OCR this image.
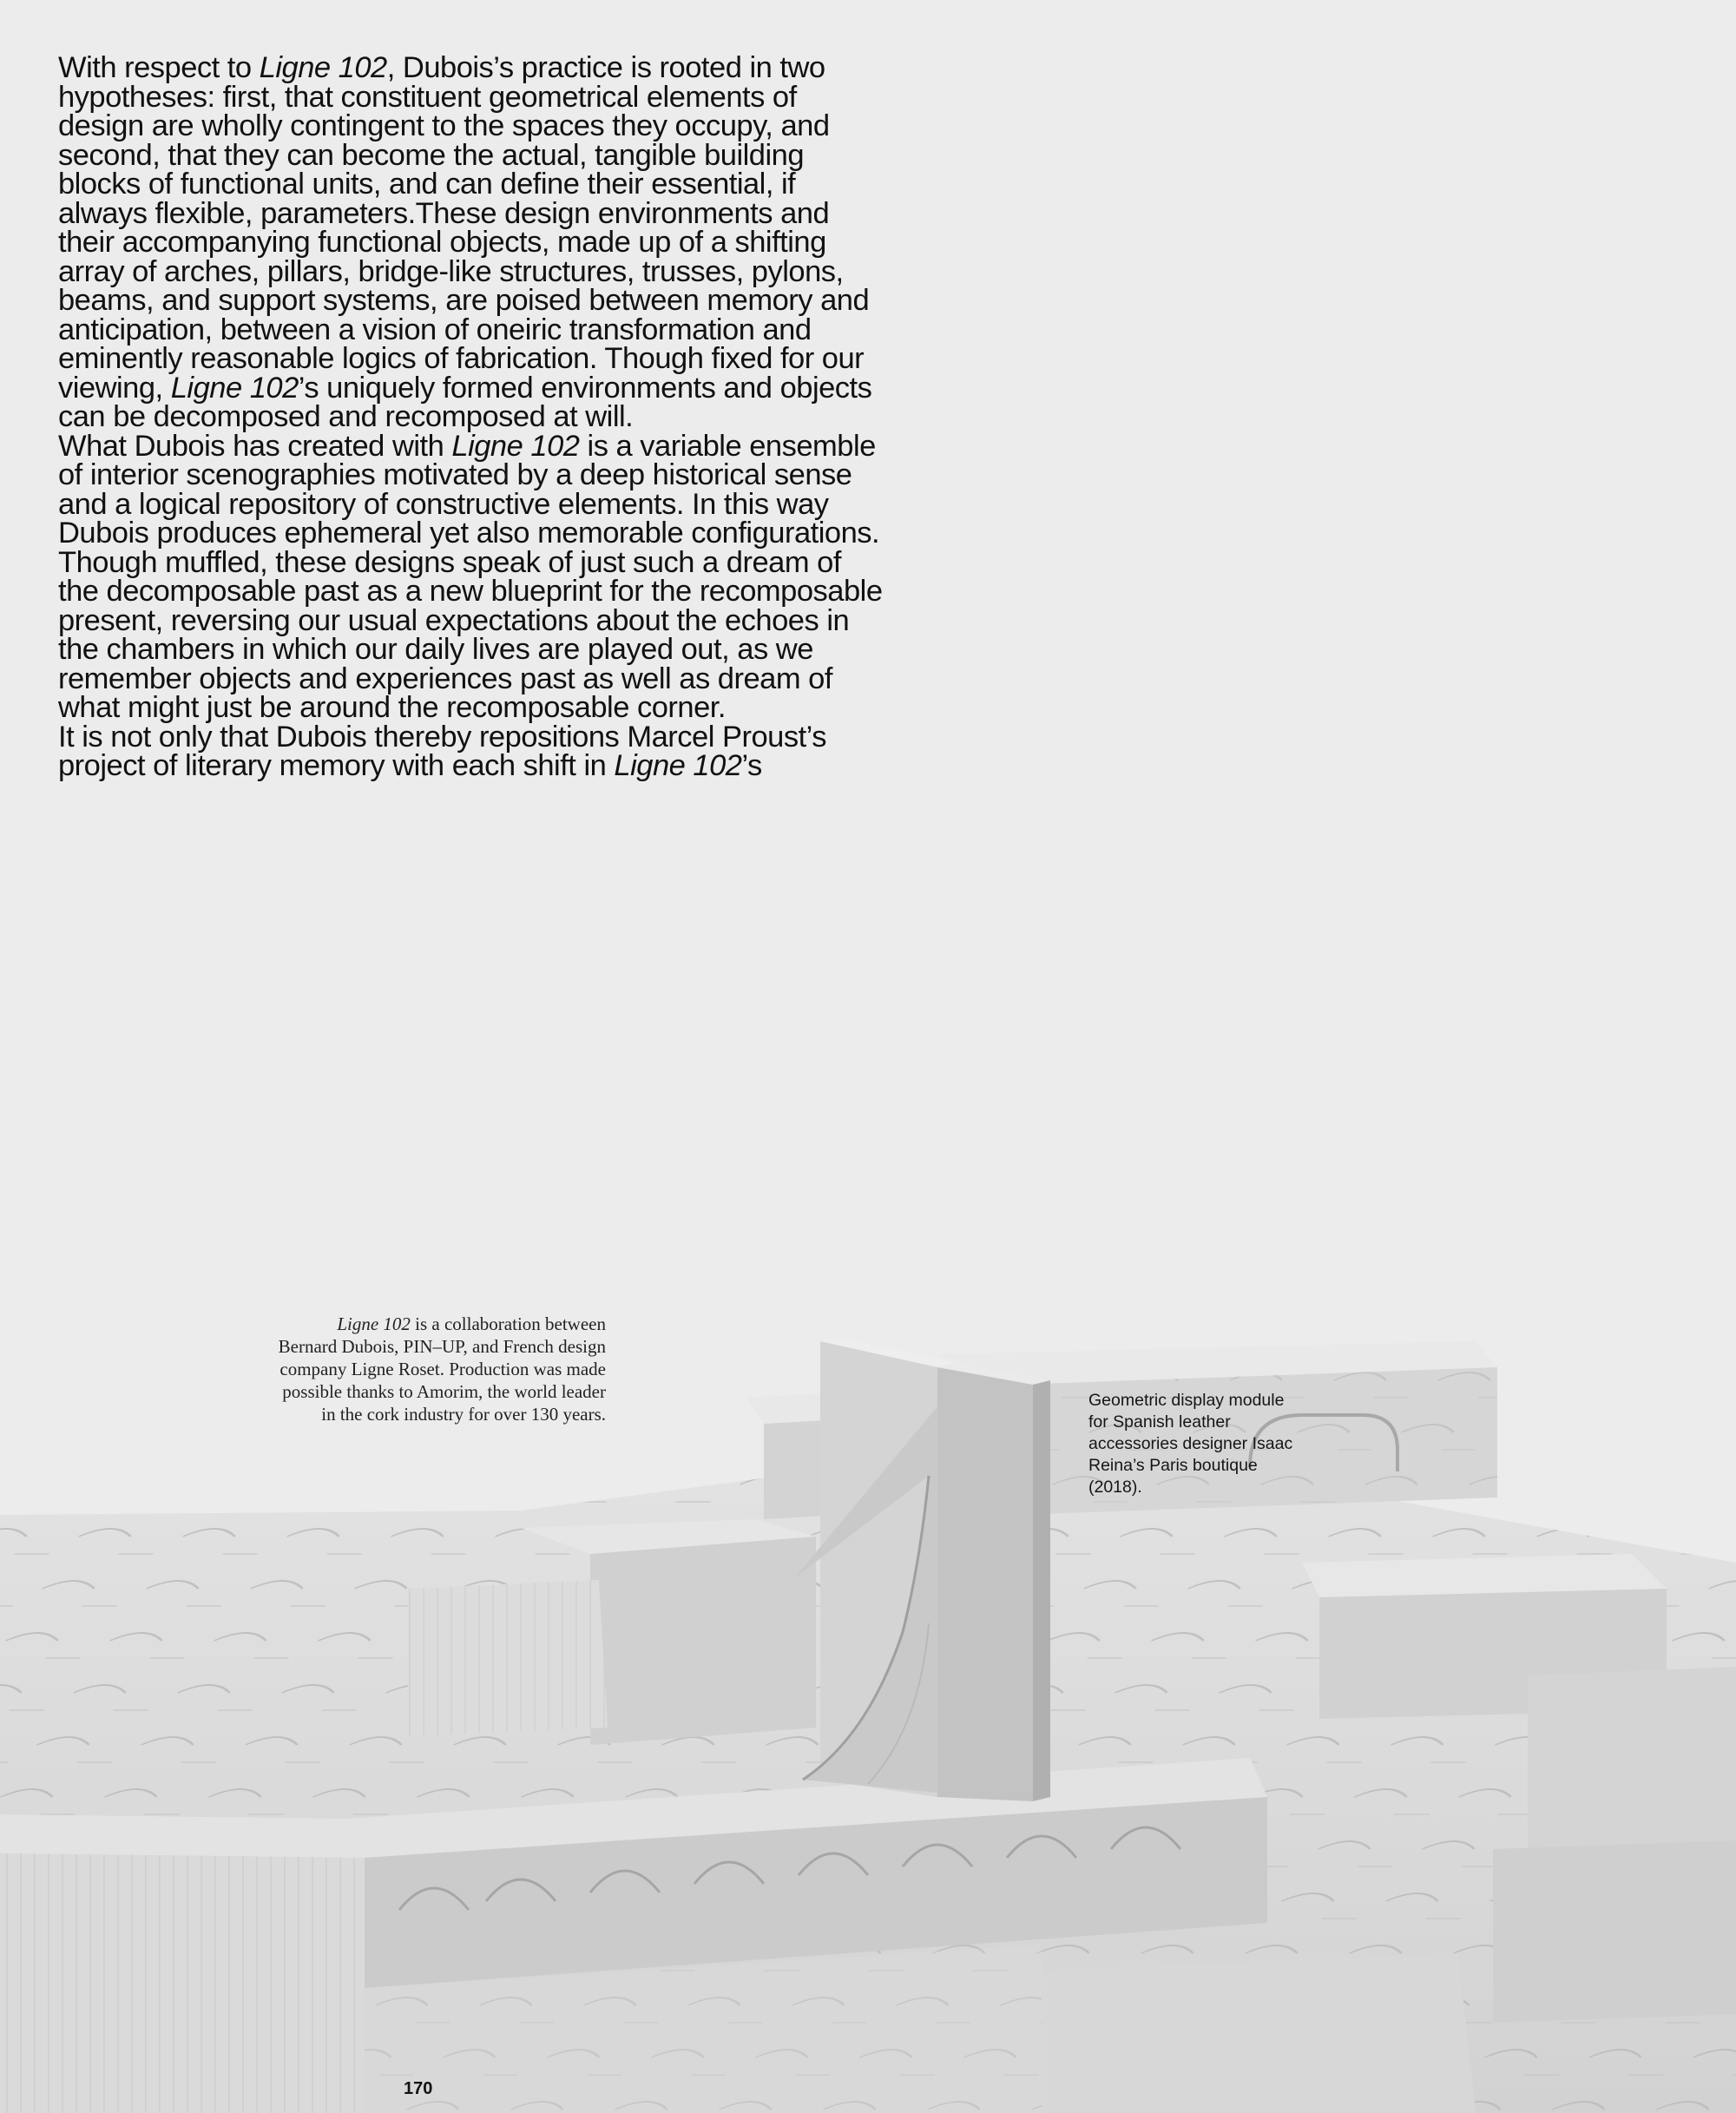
With respect to Ligne 102, Dubois’s practice is rooted in two hypotheses: first, that constituent geometrical elements of design are wholly contingent to the spaces they occupy, and second, that they can become the actual, tangible building blocks of functional units, and can define their essential, if always flexible, parameters.These design environments and their accompanying functional objects, made up of a shifting array of arches, pillars, bridge-like structures, trusses, pylons, beams, and support systems, are poised between memory and anticipation, between a vision of oneiric transformation and eminently reasonable logics of fabrication. Though fixed for our viewing, Ligne 102’s uniquely formed environments and objects can be decomposed and recomposed at will.

What Dubois has created with Ligne 102 is a variable ensemble of interior scenographies motivated by a deep historical sense and a logical repository of constructive elements. In this way Dubois produces ephemeral yet also memorable configurations. Though muffled, these designs speak of just such a dream of the decomposable past as a new blueprint for the recomposable present, reversing our usual expectations about the echoes in the chambers in which our daily lives are played out, as we remember objects and experiences past as well as dream of what might just be around the recomposable corner.

It is not only that Dubois thereby repositions Marcel Proust’s project of literary memory with each shift in Ligne 102’s

Ligne 102 is a collaboration between Bernard Dubois, PIN–UP, and French design company Ligne Roset. Production was made possible thanks to Amorim, the world leader in the cork industry for over 130 years.
Geometric display module for Spanish leather accessories designer Isaac Reina’s Paris boutique (2018).
170
